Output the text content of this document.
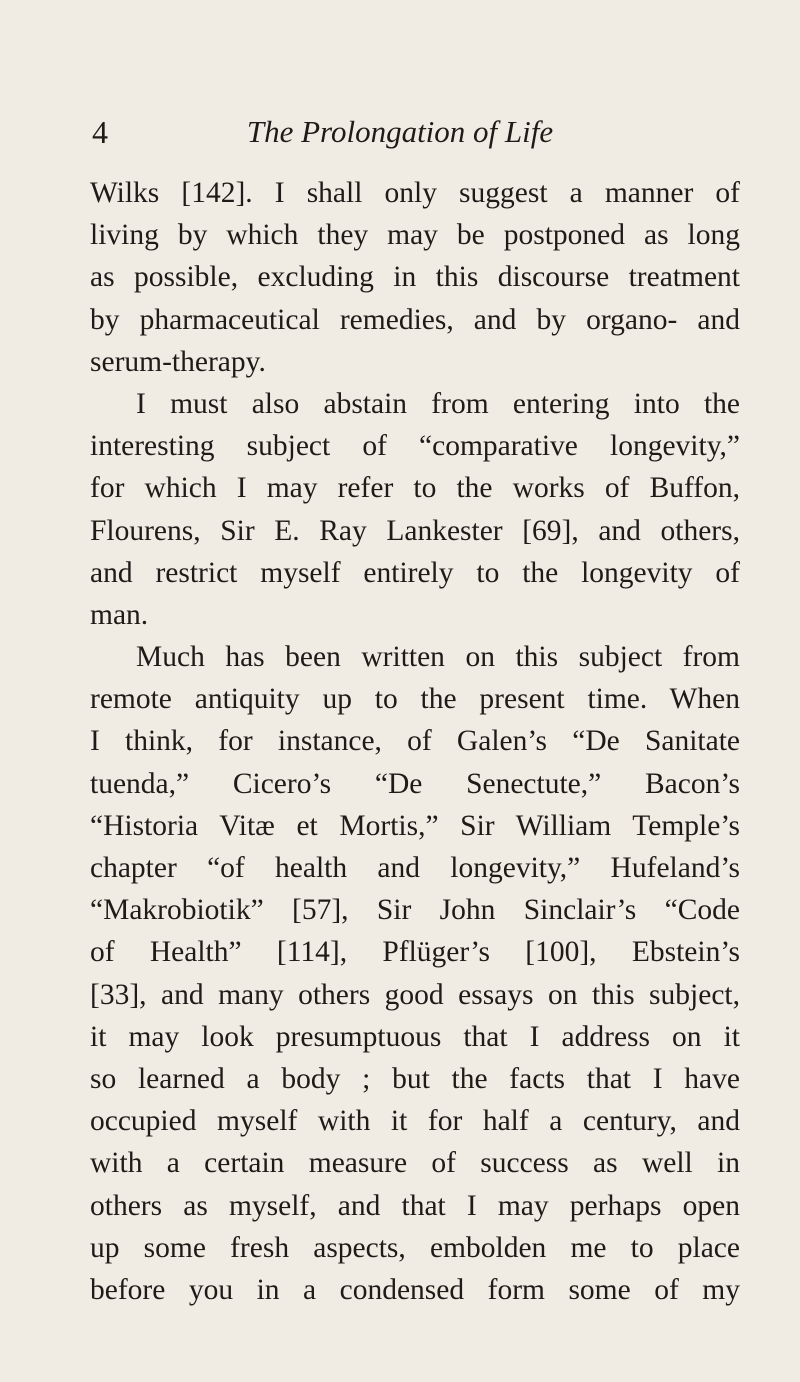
4	The Prolongation of Life
Wilks [142]. I shall only suggest a manner of
living by which they may be postponed as long
as possible, excluding in this discourse treatment
by pharmaceutical remedies, and by organo- and
serum-therapy.
I must also abstain from entering into the
interesting subject of “comparative longevity,”
for which I may refer to the works of Buffon,
Flourens, Sir E. Ray Lankester [69], and others,
and restrict myself entirely to the longevity of
man.
Much has been written on this subject from
remote antiquity up to the present time. When
I think, for instance, of Galen’s “De Sanitate
tuenda,” Cicero’s “De Senectute,” Bacon’s
“Historia Vitæ et Mortis,” Sir William Temple’s
chapter “of health and longevity,” Hufeland’s
“Makrobiotik” [57], Sir John Sinclair’s “Code
of Health” [114], Pflüger’s [100], Ebstein’s
[33], and many others good essays on this subject,
it may look presumptuous that I address on it
so learned a body ; but the facts that I have
occupied myself with it for half a century, and
with a certain measure of success as well in
others as myself, and that I may perhaps open
up some fresh aspects, embolden me to place
before you in a condensed form some of my
